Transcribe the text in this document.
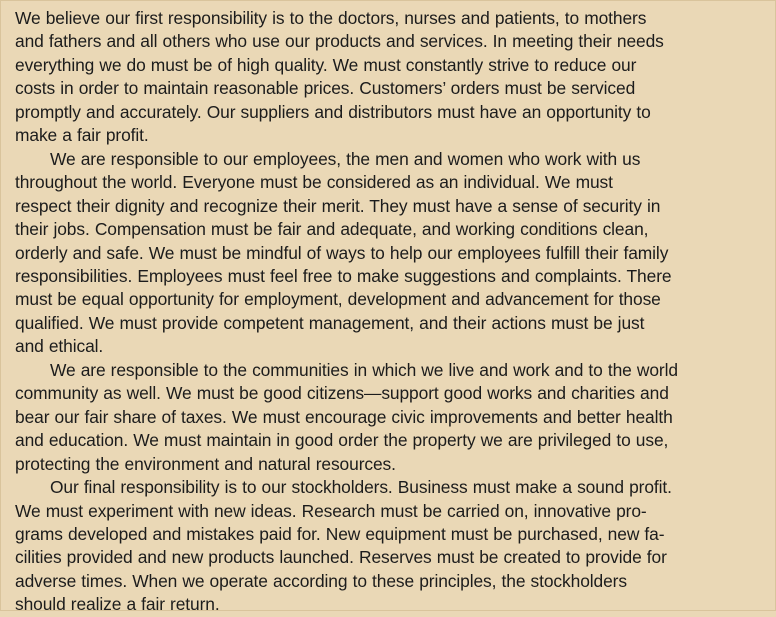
We believe our first responsibility is to the doctors, nurses and patients, to mothers
and fathers and all others who use our products and services. In meeting their needs
everything we do must be of high quality. We must constantly strive to reduce our
costs in order to maintain reasonable prices. Customers’ orders must be serviced
promptly and accurately. Our suppliers and distributors must have an opportunity to
make a fair profit.

We are responsible to our employees, the men and women who work with us
throughout the world. Everyone must be considered as an individual. We must
respect their dignity and recognize their merit. They must have a sense of security in
their jobs. Compensation must be fair and adequate, and working conditions clean,
orderly and safe. We must be mindful of ways to help our employees fulfill their family
responsibilities. Employees must feel free to make suggestions and complaints. There
must be equal opportunity for employment, development and advancement for those
qualified. We must provide competent management, and their actions must be just
and ethical.

We are responsible to the communities in which we live and work and to the world
community as well. We must be good citizens—support good works and charities and
bear our fair share of taxes. We must encourage civic improvements and better health
and education. We must maintain in good order the property we are privileged to use,
protecting the environment and natural resources.

Our final responsibility is to our stockholders. Business must make a sound profit.
We must experiment with new ideas. Research must be carried on, innovative pro-
grams developed and mistakes paid for. New equipment must be purchased, new fa-
cilities provided and new products launched. Reserves must be created to provide for
adverse times. When we operate according to these principles, the stockholders
should realize a fair return.
